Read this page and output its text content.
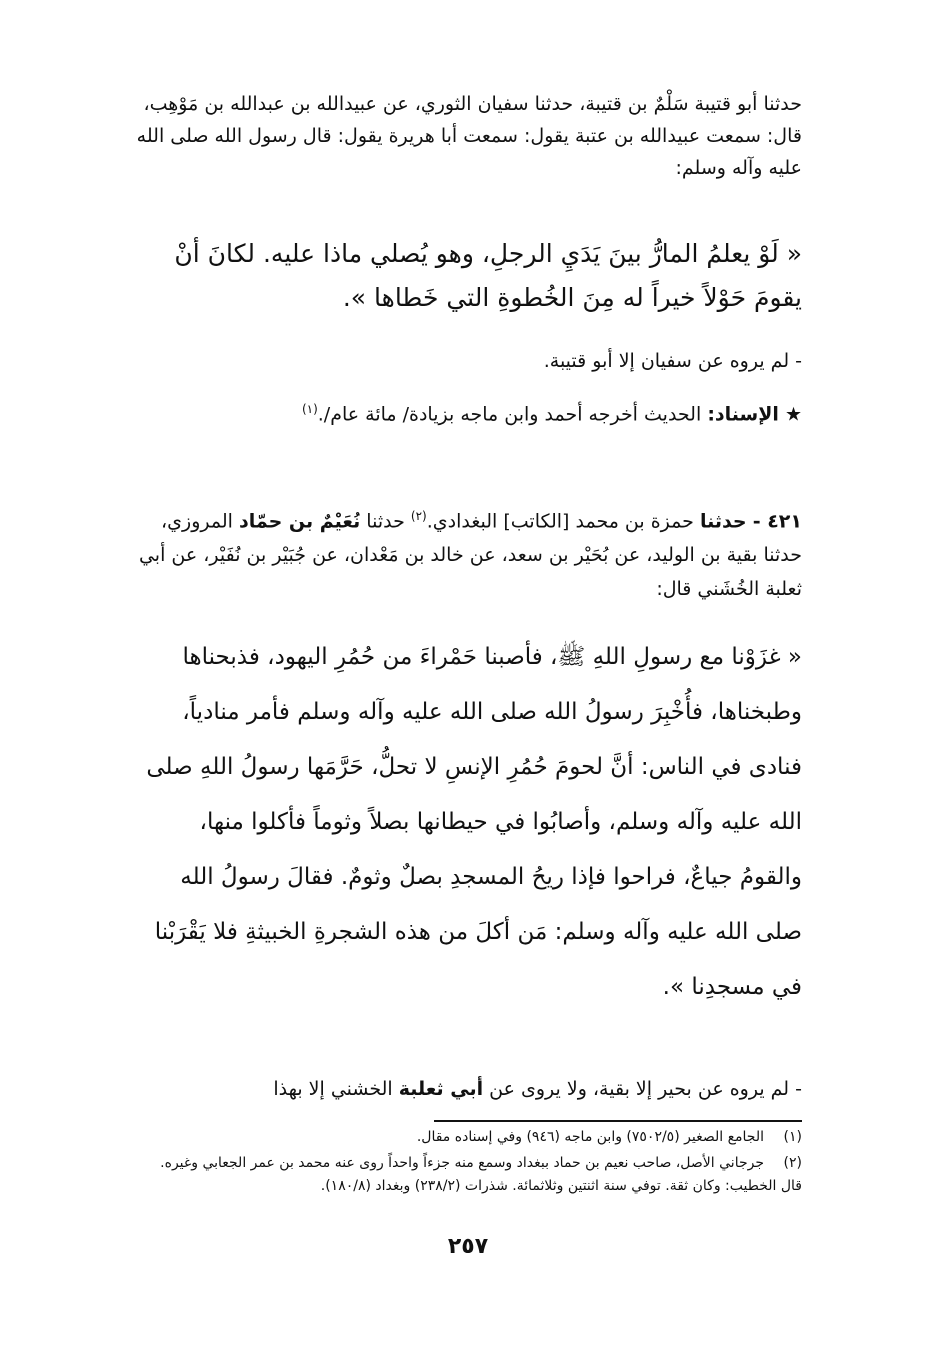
حدثنا أبو قتيبة سَلْمٌ بن قتيبة، حدثنا سفيان الثوري، عن عبيدالله بن عبدالله بن مَوْهِب، قال: سمعت عبيدالله بن عتبة يقول: سمعت أبا هريرة يقول: قال رسول الله صلى الله عليه وآله وسلم:

« لَوْ يعلمُ المارُّ بينَ يَدَيِ الرجلِ، وهو يُصلي ماذا عليه. لكانَ أنْ يقومَ حَوْلاً خيراً له مِنَ الخُطوةِ التي خَطاها ».

- لم يروه عن سفيان إلا أبو قتيبة.

★ الإسناد: الحديث أخرجه أحمد وابن ماجه بزيادة/ مائة عام/.$^{(١)}$

٤٢١ - حدثنا حمزة بن محمد [الكاتب] البغدادي.$^{(٢)}$ حدثنا نُعَيْمٌ بن حمّاد المروزي، حدثنا بقية بن الوليد، عن بُحَيْر بن سعد، عن خالد بن مَعْدان، عن جُبَيْر بن نُفَيْر، عن أبي ثعلبة الخُشَني قال:

« غزَوْنا مع رسولِ اللهِ ﷺ، فأصبنا حَمْراءَ من حُمُرِ اليهود، فذبحناها وطبخناها، فأُخْبِرَ رسولُ الله صلى الله عليه وآله وسلم فأمر منادياً، فنادى في الناس: أنَّ لحومَ حُمُرِ الإنسِ لا تحلُّ، حَرَّمَها رسولُ اللهِ صلى الله عليه وآله وسلم، وأصابُوا في حيطانها بصلاً وثوماً فأكلوا منها، والقومُ جياعٌ، فراحوا فإذا ريحُ المسجدِ بصلٌ وثومٌ. فقالَ رسولُ الله صلى الله عليه وآله وسلم: مَن أكلَ من هذه الشجرةِ الخبيثةِ فلا يَقْرَبْنا في مسجدِنا ».

- لم يروه عن بحير إلا بقية، ولا يروى عن أبي ثعلبة الخشني إلا بهذا

(١)الجامع الصغير (٧٥٠٢/٥) وابن ماجه (٩٤٦) وفي إسناده مقال.

(٢)جرجاني الأصل، صاحب نعيم بن حماد ببغداد وسمع منه جزءاً واحداً روى عنه محمد بن عمر الجعابي وغيره.

قال الخطيب: وكان ثقة. توفي سنة اثنتين وثلاثمائة. شذرات (٢٣٨/٢) وبغداد (١٨٠/٨).

٢٥٧
